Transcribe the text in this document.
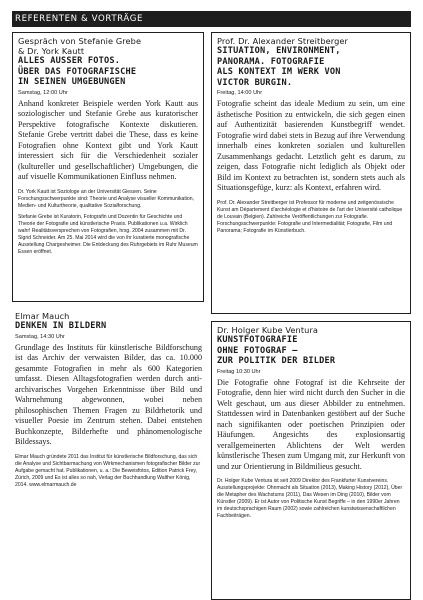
REFERENTEN & VORTRÄGE
Gespräch von Stefanie Grebe
& Dr. York Kautt
ALLES AUSSER FOTOS.
ÜBER DAS FOTOGRAFISCHE
IN SEINEN UMGEBUNGEN
Samstag, 12:00 Uhr
Anhand konkreter Beispiele werden York Kautt aus soziologischer und Stefanie Grebe aus kuratorischer Perspektive fotografische Kontexte diskutieren. Stefanie Grebe vertritt dabei die These, dass es keine Fotografien ohne Kontext gibt und York Kautt interessiert sich für die Verschiedenheit sozialer (kultureller und gesellschaftlicher) Umgebungen, die auf visuelle Kommunikationen Einfluss nehmen.
Dr. York Kautt ist Soziologe an der Universität Giessen. Seine Forschungsschwerpunkte sind: Theorie und Analyse visueller Kommunikation, Medien- und Kulturtheorie, qualitative Sozialforschung.
Stefanie Grebe ist Kuratorin, Fotografin und Dozentin für Geschichte und Theorie der Fotografie und künstlerische Praxis. Publikationen u.a. Wirklich wahr! Realitätsversprechen von Fotografien, hrsg. 2004 zusammen mit Dr. Sigrid Schneider. Am 25. Mai 2014 wird die von ihr kuratierte monografische Ausstellung Chargesheimer. Die Entdeckung des Ruhrgebiets im Ruhr Museum Essen eröffnet.
Elmar Mauch
DENKEN IN BILDERN
Samstag, 14:30 Uhr
Grundlage des Instituts für künstlerische Bildforschung ist das Archiv der verwaisten Bilder, das ca. 10.000 gesammte Fotografien in mehr als 600 Kategorien umfasst. Diesen Alltagsfotografien werden durch anti-archivarisches Vorgehen Erkenntnisse über Bild und Wahrnehmung abgewonnen, wobei neben philosophischen Themen Fragen zu Bildrhetorik und visueller Poesie im Zentrum stehen. Dabei entstehen Buchkonzepte, Bilderhefte und phänomenologische Bildessays.
Elmar Mauch gründete 2011 das Institut für künstlerische Bildforschung, das sich die Analyse und Sichtbarmachung von Wirkmechanismen fotografischer Bilder zur Aufgabe gemacht hat. Publikationen, u. a.: Die Beweisfotos, Edition Patrick Frey, Zürich, 2009 und Es ist alles so nah, Verlag der Buchhandlung Walther König, 2014. www.elmarmauch.de
Prof. Dr. Alexander Streitberger
SITUATION, ENVIRONMENT,
PANORAMA. FOTOGRAFIE
ALS KONTEXT IM WERK VON
VICTOR BURGIN.
Freitag, 14:00 Uhr
Fotografie scheint das ideale Medium zu sein, um eine ästhetische Position zu entwickeln, die sich gegen einen auf Authentizität basierenden Kunstbegriff wendet. Fotografie wird dabei stets in Bezug auf ihre Verwendung innerhalb eines konkreten sozialen und kulturellen Zusammenhangs gedacht. Letztlich geht es darum, zu zeigen, dass Fotografie nicht lediglich als Objekt oder Bild im Kontext zu betrachten ist, sondern stets auch als Situationsgefüge, kurz: als Kontext, erfahren wird.
Prof. Dr. Alexander Streitberger ist Professor für moderne und zeitgenössische Kunst am Département d'archéologie et d'histoire de l'art der Université catholique de Louvain (Belgien). Zahlreiche Veröffentlichungen zur Fotografie. Forschungsschwerpunkte: Fotografie und Intermedialität; Fotografie, Film und Panorama; Fotografie im Künstlerbuch.
Dr. Holger Kube Ventura
KUNSTFOTOGRAFIE
OHNE FOTOGRAF –
ZUR POLITIK DER BILDER
Freitag 10:30 Uhr
Die Fotografie ohne Fotograf ist die Kehrseite der Fotografie, denn hier wird nicht durch den Sucher in die Welt geschaut, um aus dieser Abbilder zu entnehmen. Stattdessen wird in Datenbanken gestöbert auf der Suche nach signifikanten oder poetischen Prinzipien oder Häufungen. Angesichts des explosionsartig verallgemeinerten Ablichtens der Welt werden künstlerische Thesen zum Umgang mit, zur Herkunft von und zur Orientierung in Bildmilieus gesucht.
Dr. Holger Kube Ventura ist seit 2009 Direktor des Frankfurter Kunstvereins. Ausstellungsprojekte: Ohnmacht als Situation (2013), Making History (2012), Über die Metapher des Wachstums (2011), Das Wesen im Ding (2010), Bilder vom Künstler (2009). Er ist Autor von Politische Kunst Begriffe – in den 1990er Jahren im deutschsprachigen Raum (2002) sowie zahlreichen kunstwissenschaftlichen Fachbeiträgen.
